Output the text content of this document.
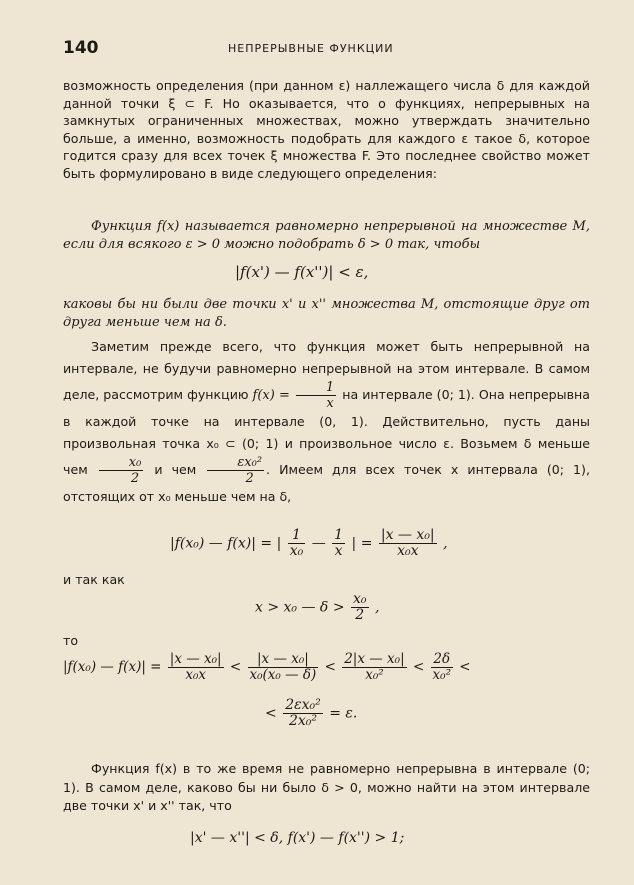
140	НЕПРЕРЫВНЫЕ ФУНКЦИИ
возможность определения (при данном ε) наллежащего числа δ для каждой данной точки ξ ⊂ F. Но оказывается, что о функциях, непрерывных на замкнутых ограниченных множествах, можно утверждать значительно больше, а именно, возможность подобрать для каждого ε такое δ, которое годится сразу для всех точек ξ множества F. Это последнее свойство может быть формулировано в виде следующего определения:
Функция f(x) называется равномерно непрерывной на множестве M, если для всякого ε > 0 можно подобрать δ > 0 так, чтобы
|f(x') — f(x'')| < ε,
каковы бы ни были две точки x' и x'' множества M, отстоящие друг от друга меньше чем на δ.
Заметим прежде всего, что функция может быть непрерывной на интервале, не будучи равномерно непрерывной на этом интервале. В самом деле, рассмотрим функцию $f(x) = \frac{1}{x}$ на интервале (0; 1). Она непрерывна в каждой точке на интервале (0, 1). Действительно, пусть даны произвольная точка x₀ ⊂ (0; 1) и произвольное число ε. Возьмем δ меньше чем $\frac{\text{x₀}}{2}$ и чем $\frac{\text{εx₀²}}{2}$ . Имеем для всех точек x интервала (0; 1), отстоящих от x₀ меньше чем на δ,
|f(x₀) — f(x)| = | $\frac{1}{\text{x₀}}$ — $\frac{1}{x}$ | = $\frac{\text{|x — x₀|}}{\text{x₀x}}$ ,
и так как
x > x₀ — $\delta > \frac{\text{x₀}}{2}$ ,
то
|f(x₀) — $f(x)| = \frac{\text{|x — x₀|}}{\text{x₀x}} < \frac{\text{|x — x₀|}}{\text{x₀(x₀ — δ)}} < \frac{\text{2|x — x₀|}}{\text{x₀²}} < \frac{2\delta}{\text{x₀²}}$ <
< $\frac{\text{2εx₀²}}{\text{2x₀²}} = \varepsilon$.
Функция f(x) в то же время не равномерно непрерывна в интервале (0; 1). В самом деле, каково бы ни было δ > 0, можно найти на этом интервале две точки x' и x'' так, что
|x' — x''| < δ, f(x') — f(x'') > 1;
